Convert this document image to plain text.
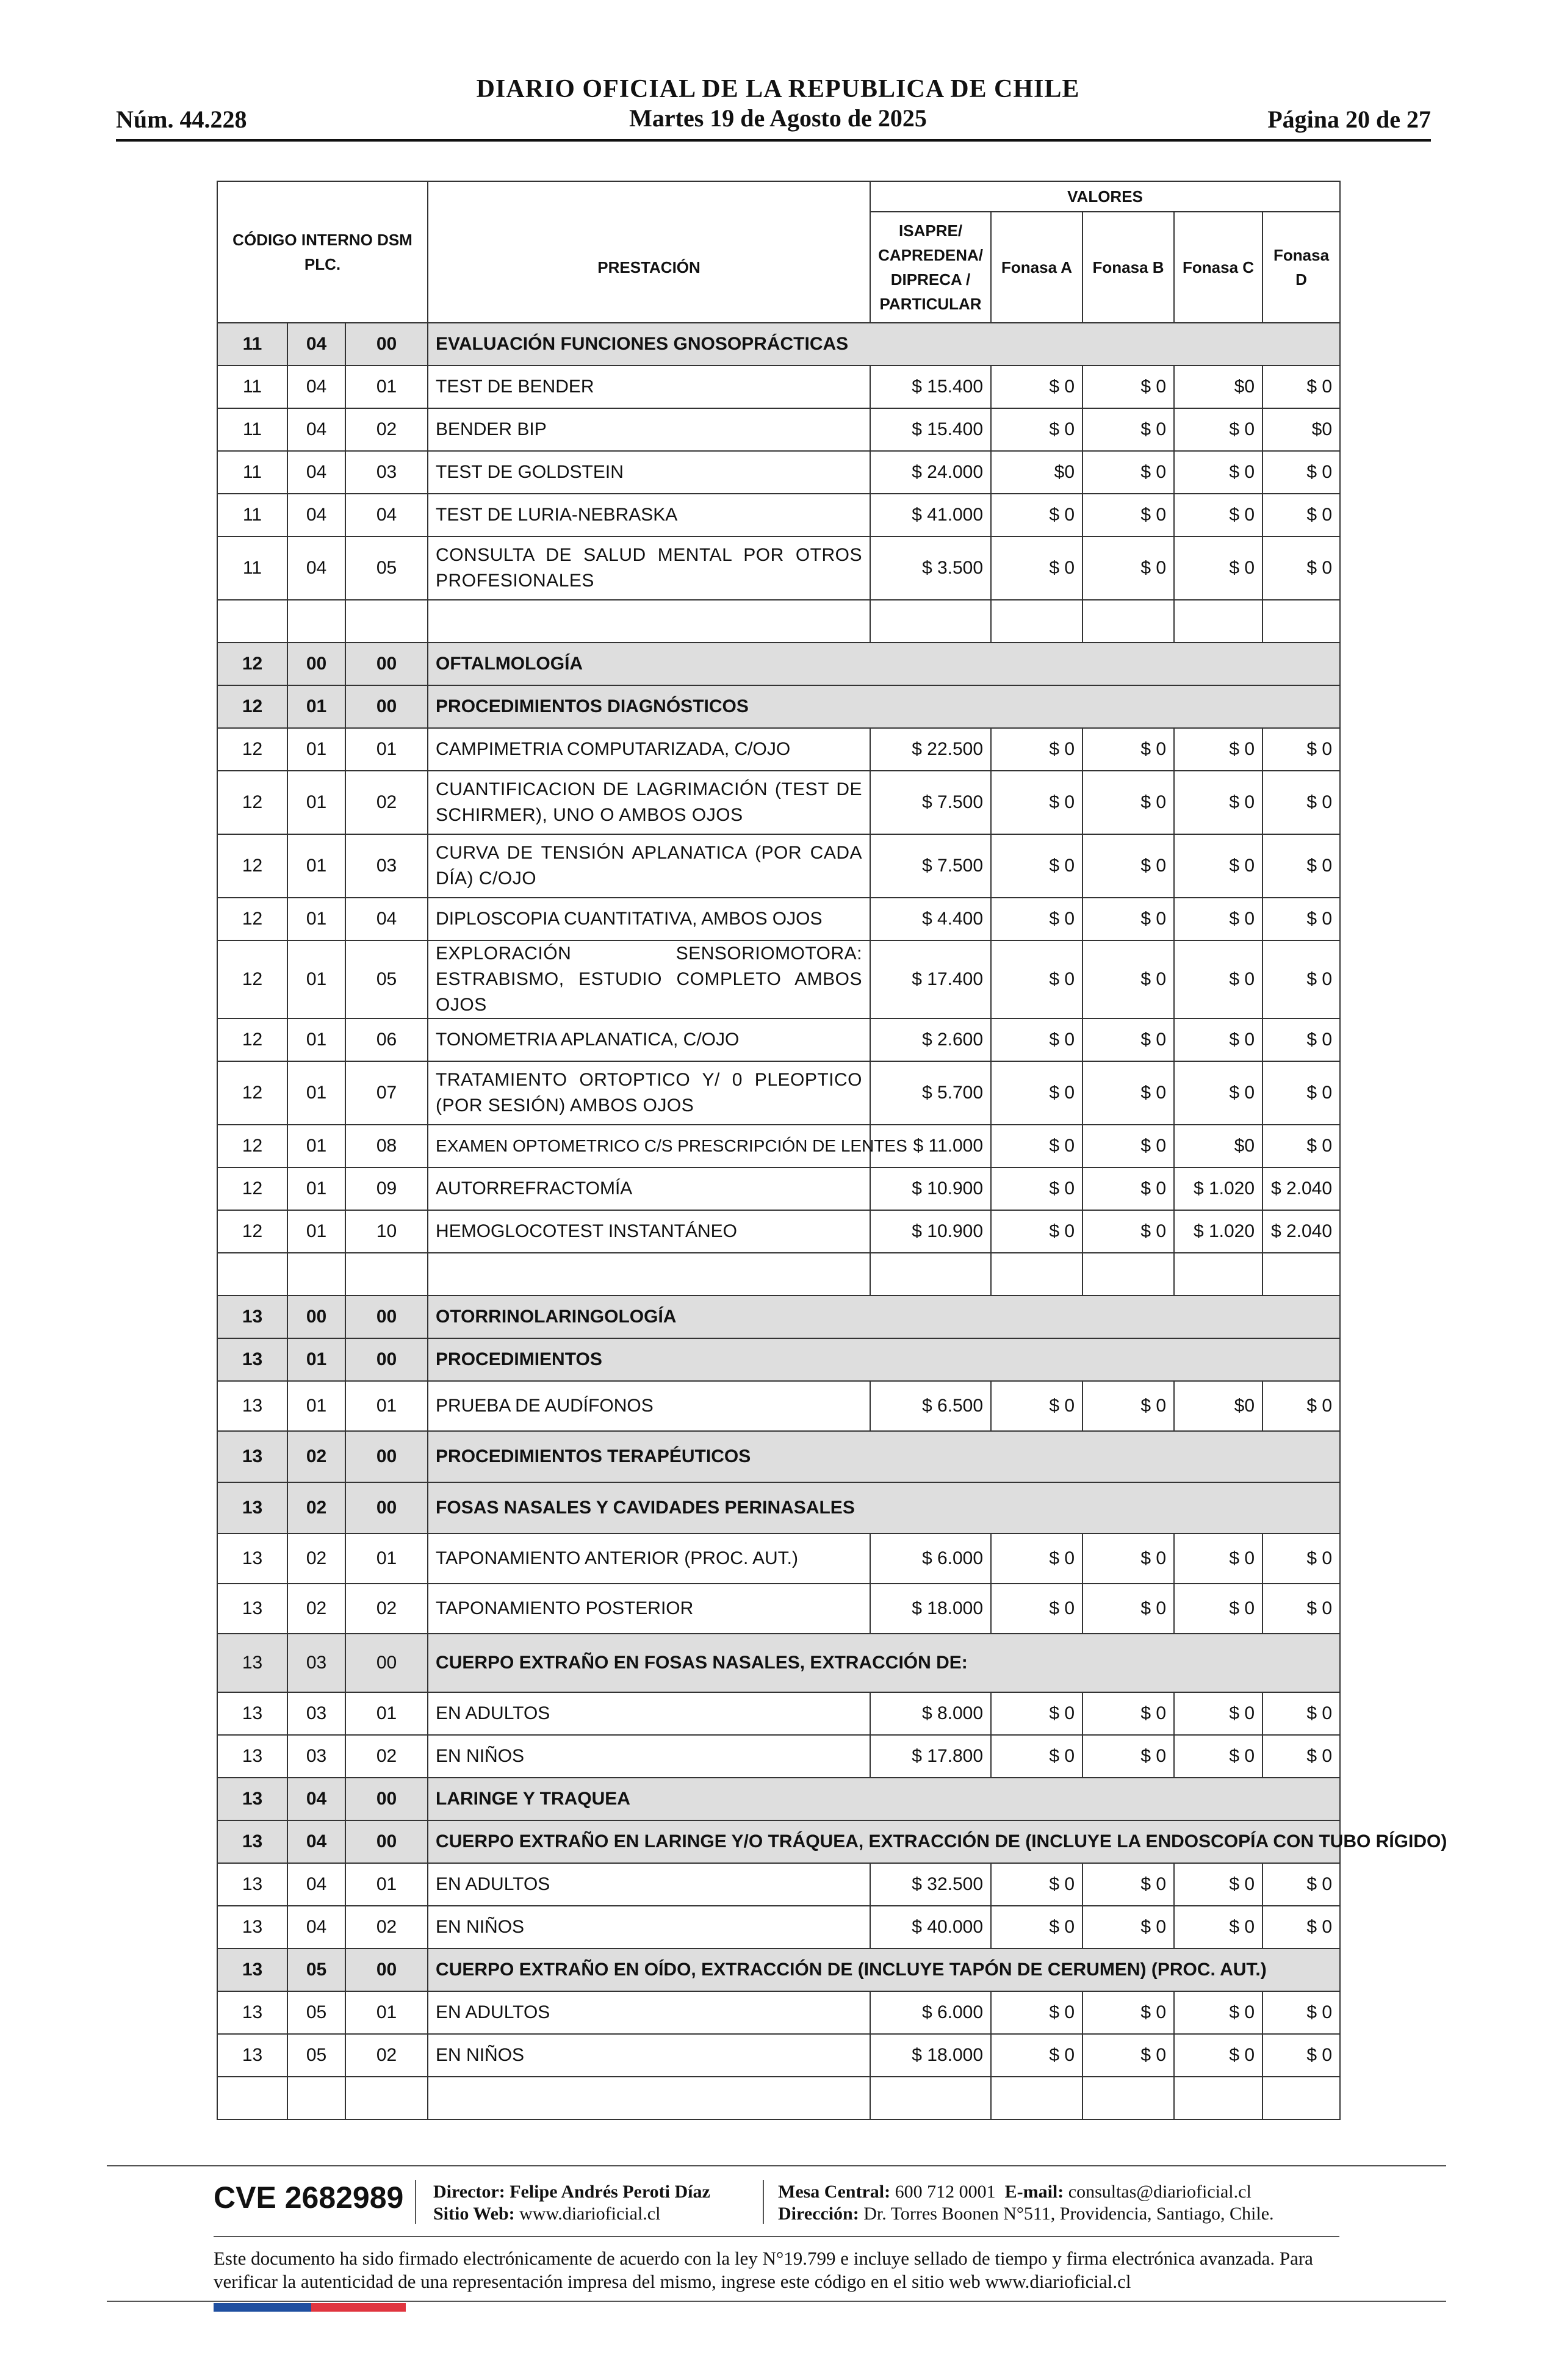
DIARIO OFICIAL DE LA REPUBLICA DE CHILE
Martes 19 de Agosto de 2025
Núm. 44.228	Página 20 de 27
CÓDIGO INTERNO DSM PLC.				VALORES				
			PRESTACIÓN	ISAPRE/ CAPREDENA/ DIPRECA / PARTICULAR	Fonasa A	Fonasa B	Fonasa C	Fonasa D
11	04	00	EVALUACIÓN FUNCIONES GNOSOPRÁCTICAS					
11	04	01	TEST DE BENDER	$ 15.400	$ 0	$ 0	$0	$ 0
11	04	02	BENDER BIP	$ 15.400	$ 0	$ 0	$ 0	$0
11	04	03	TEST DE GOLDSTEIN	$ 24.000	$0	$ 0	$ 0	$ 0
11	04	04	TEST DE LURIA-NEBRASKA	$ 41.000	$ 0	$ 0	$ 0	$ 0
11	04	05	CONSULTA DE SALUD MENTAL POR OTROS PROFESIONALES	$ 3.500	$ 0	$ 0	$ 0	$ 0

12	00	00	OFTALMOLOGÍA					
12	01	00	PROCEDIMIENTOS DIAGNÓSTICOS					
12	01	01	CAMPIMETRIA COMPUTARIZADA, C/OJO	$ 22.500	$ 0	$ 0	$ 0	$ 0
12	01	02	CUANTIFICACION DE LAGRIMACIÓN (TEST DE SCHIRMER), UNO O AMBOS OJOS	$ 7.500	$ 0	$ 0	$ 0	$ 0
12	01	03	CURVA DE TENSIÓN APLANATICA (POR CADA DÍA) C/OJO	$ 7.500	$ 0	$ 0	$ 0	$ 0
12	01	04	DIPLOSCOPIA CUANTITATIVA, AMBOS OJOS	$ 4.400	$ 0	$ 0	$ 0	$ 0
12	01	05	EXPLORACIÓN SENSORIOMOTORA: ESTRABISMO, ESTUDIO COMPLETO AMBOS OJOS	$ 17.400	$ 0	$ 0	$ 0	$ 0
12	01	06	TONOMETRIA APLANATICA, C/OJO	$ 2.600	$ 0	$ 0	$ 0	$ 0
12	01	07	TRATAMIENTO ORTOPTICO Y/ 0 PLEOPTICO (POR SESIÓN) AMBOS OJOS	$ 5.700	$ 0	$ 0	$ 0	$ 0
12	01	08	EXAMEN OPTOMETRICO C/S PRESCRIPCIÓN DE LENTES	$ 11.000	$ 0	$ 0	$0	$ 0
12	01	09	AUTORREFRACTOMÍA	$ 10.900	$ 0	$ 0	$ 1.020	$ 2.040
12	01	10	HEMOGLOCOTEST INSTANTÁNEO	$ 10.900	$ 0	$ 0	$ 1.020	$ 2.040

13	00	00	OTORRINOLARINGOLOGÍA					
13	01	00	PROCEDIMIENTOS					
13	01	01	PRUEBA DE AUDÍFONOS	$ 6.500	$ 0	$ 0	$0	$ 0
13	02	00	PROCEDIMIENTOS TERAPÉUTICOS					
13	02	00	FOSAS NASALES Y CAVIDADES PERINASALES					
13	02	01	TAPONAMIENTO ANTERIOR (PROC. AUT.)	$ 6.000	$ 0	$ 0	$ 0	$ 0
13	02	02	TAPONAMIENTO POSTERIOR	$ 18.000	$ 0	$ 0	$ 0	$ 0
13	03	00	CUERPO EXTRAÑO EN FOSAS NASALES, EXTRACCIÓN DE:					
13	03	01	EN ADULTOS	$ 8.000	$ 0	$ 0	$ 0	$ 0
13	03	02	EN NIÑOS	$ 17.800	$ 0	$ 0	$ 0	$ 0
13	04	00	LARINGE Y TRAQUEA					
13	04	00	CUERPO EXTRAÑO EN LARINGE Y/O TRÁQUEA, EXTRACCIÓN DE (INCLUYE LA ENDOSCOPÍA CON TUBO RÍGIDO)					
13	04	01	EN ADULTOS	$ 32.500	$ 0	$ 0	$ 0	$ 0
13	04	02	EN NIÑOS	$ 40.000	$ 0	$ 0	$ 0	$ 0
13	05	00	CUERPO EXTRAÑO EN OÍDO, EXTRACCIÓN DE (INCLUYE TAPÓN DE CERUMEN) (PROC. AUT.)					
13	05	01	EN ADULTOS	$ 6.000	$ 0	$ 0	$ 0	$ 0
13	05	02	EN NIÑOS	$ 18.000	$ 0	$ 0	$ 0	$ 0

CVE 2682989 Director: Felipe Andrés Peroti Díaz
Sitio Web: www.diarioficial.cl
Mesa Central: 600 712 0001 E-mail: consultas@diarioficial.cl
Dirección: Dr. Torres Boonen N°511, Providencia, Santiago, Chile.
Este documento ha sido firmado electrónicamente de acuerdo con la ley N°19.799 e incluye sellado de tiempo y firma electrónica avanzada. Para verificar la autenticidad de una representación impresa del mismo, ingrese este código en el sitio web www.diarioficial.cl
